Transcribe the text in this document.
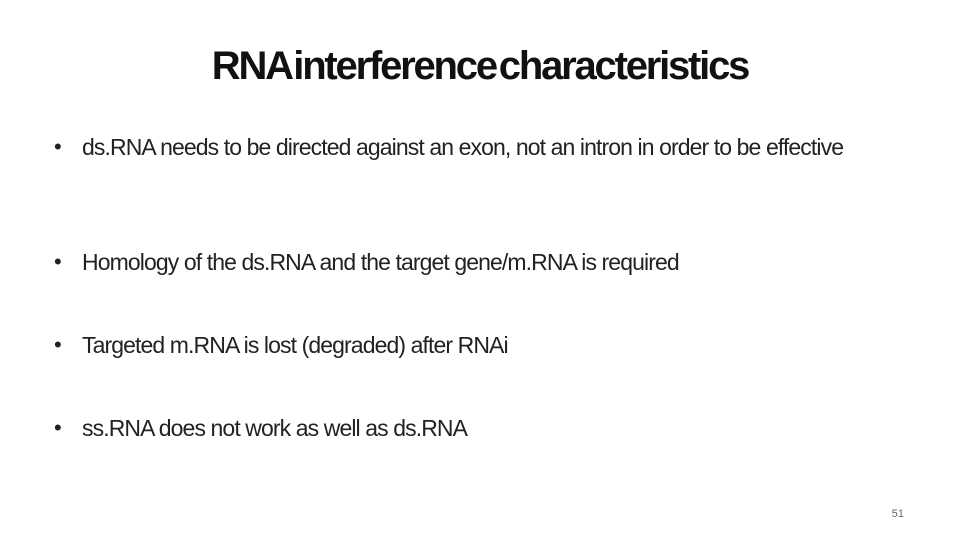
RNA interference characteristics
• ds.RNA needs to be directed against an exon, not an intron in order to be effective
• Homology of the ds.RNA and the target gene/m.RNA is required
• Targeted m.RNA is lost (degraded) after RNAi
• ss.RNA does not work as well as ds.RNA
51
